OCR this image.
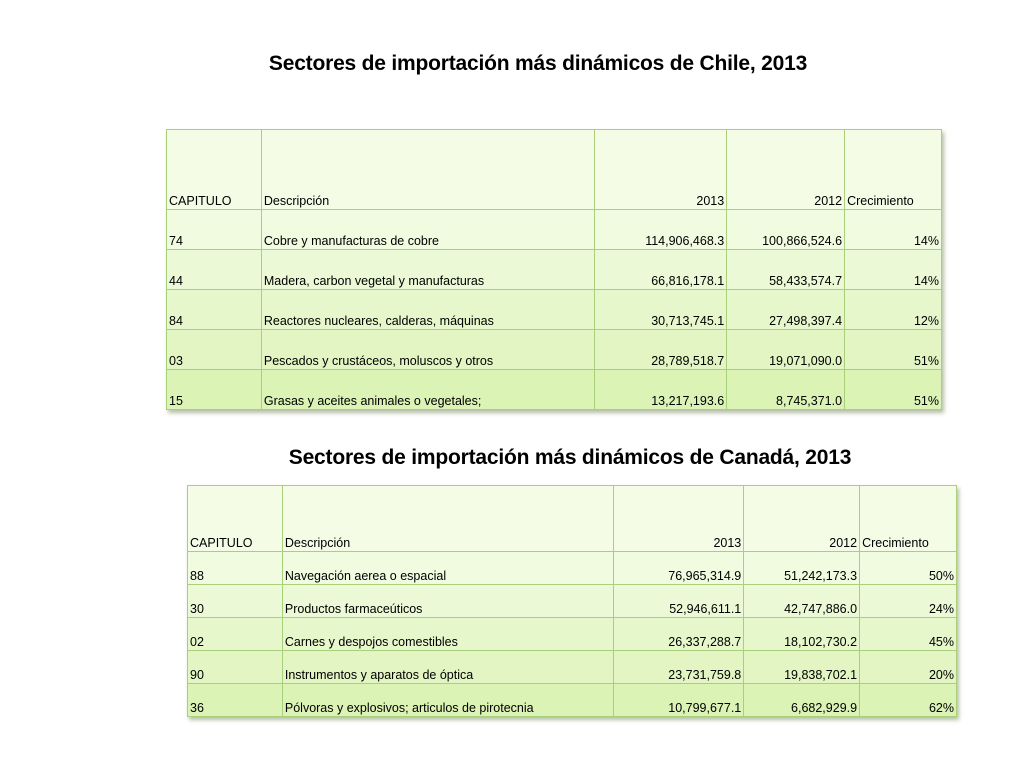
Sectores de importación más dinámicos de Chile, 2013
CAPITULO	Descripción	2013	2012	Crecimiento
74	Cobre y manufacturas de cobre	114,906,468.3	100,866,524.6	14%
44	Madera, carbon vegetal y manufacturas	66,816,178.1	58,433,574.7	14%
84	Reactores nucleares, calderas, máquinas	30,713,745.1	27,498,397.4	12%
03	Pescados y crustáceos, moluscos y otros	28,789,518.7	19,071,090.0	51%
15	Grasas y aceites animales o vegetales;	13,217,193.6	8,745,371.0	51%
Sectores de importación más dinámicos de Canadá, 2013
CAPITULO	Descripción	2013	2012	Crecimiento
88	Navegación aerea o espacial	76,965,314.9	51,242,173.3	50%
30	Productos farmaceúticos	52,946,611.1	42,747,886.0	24%
02	Carnes y despojos comestibles	26,337,288.7	18,102,730.2	45%
90	Instrumentos y aparatos de óptica	23,731,759.8	19,838,702.1	20%
36	Pólvoras y explosivos; articulos de pirotecnia	10,799,677.1	6,682,929.9	62%
